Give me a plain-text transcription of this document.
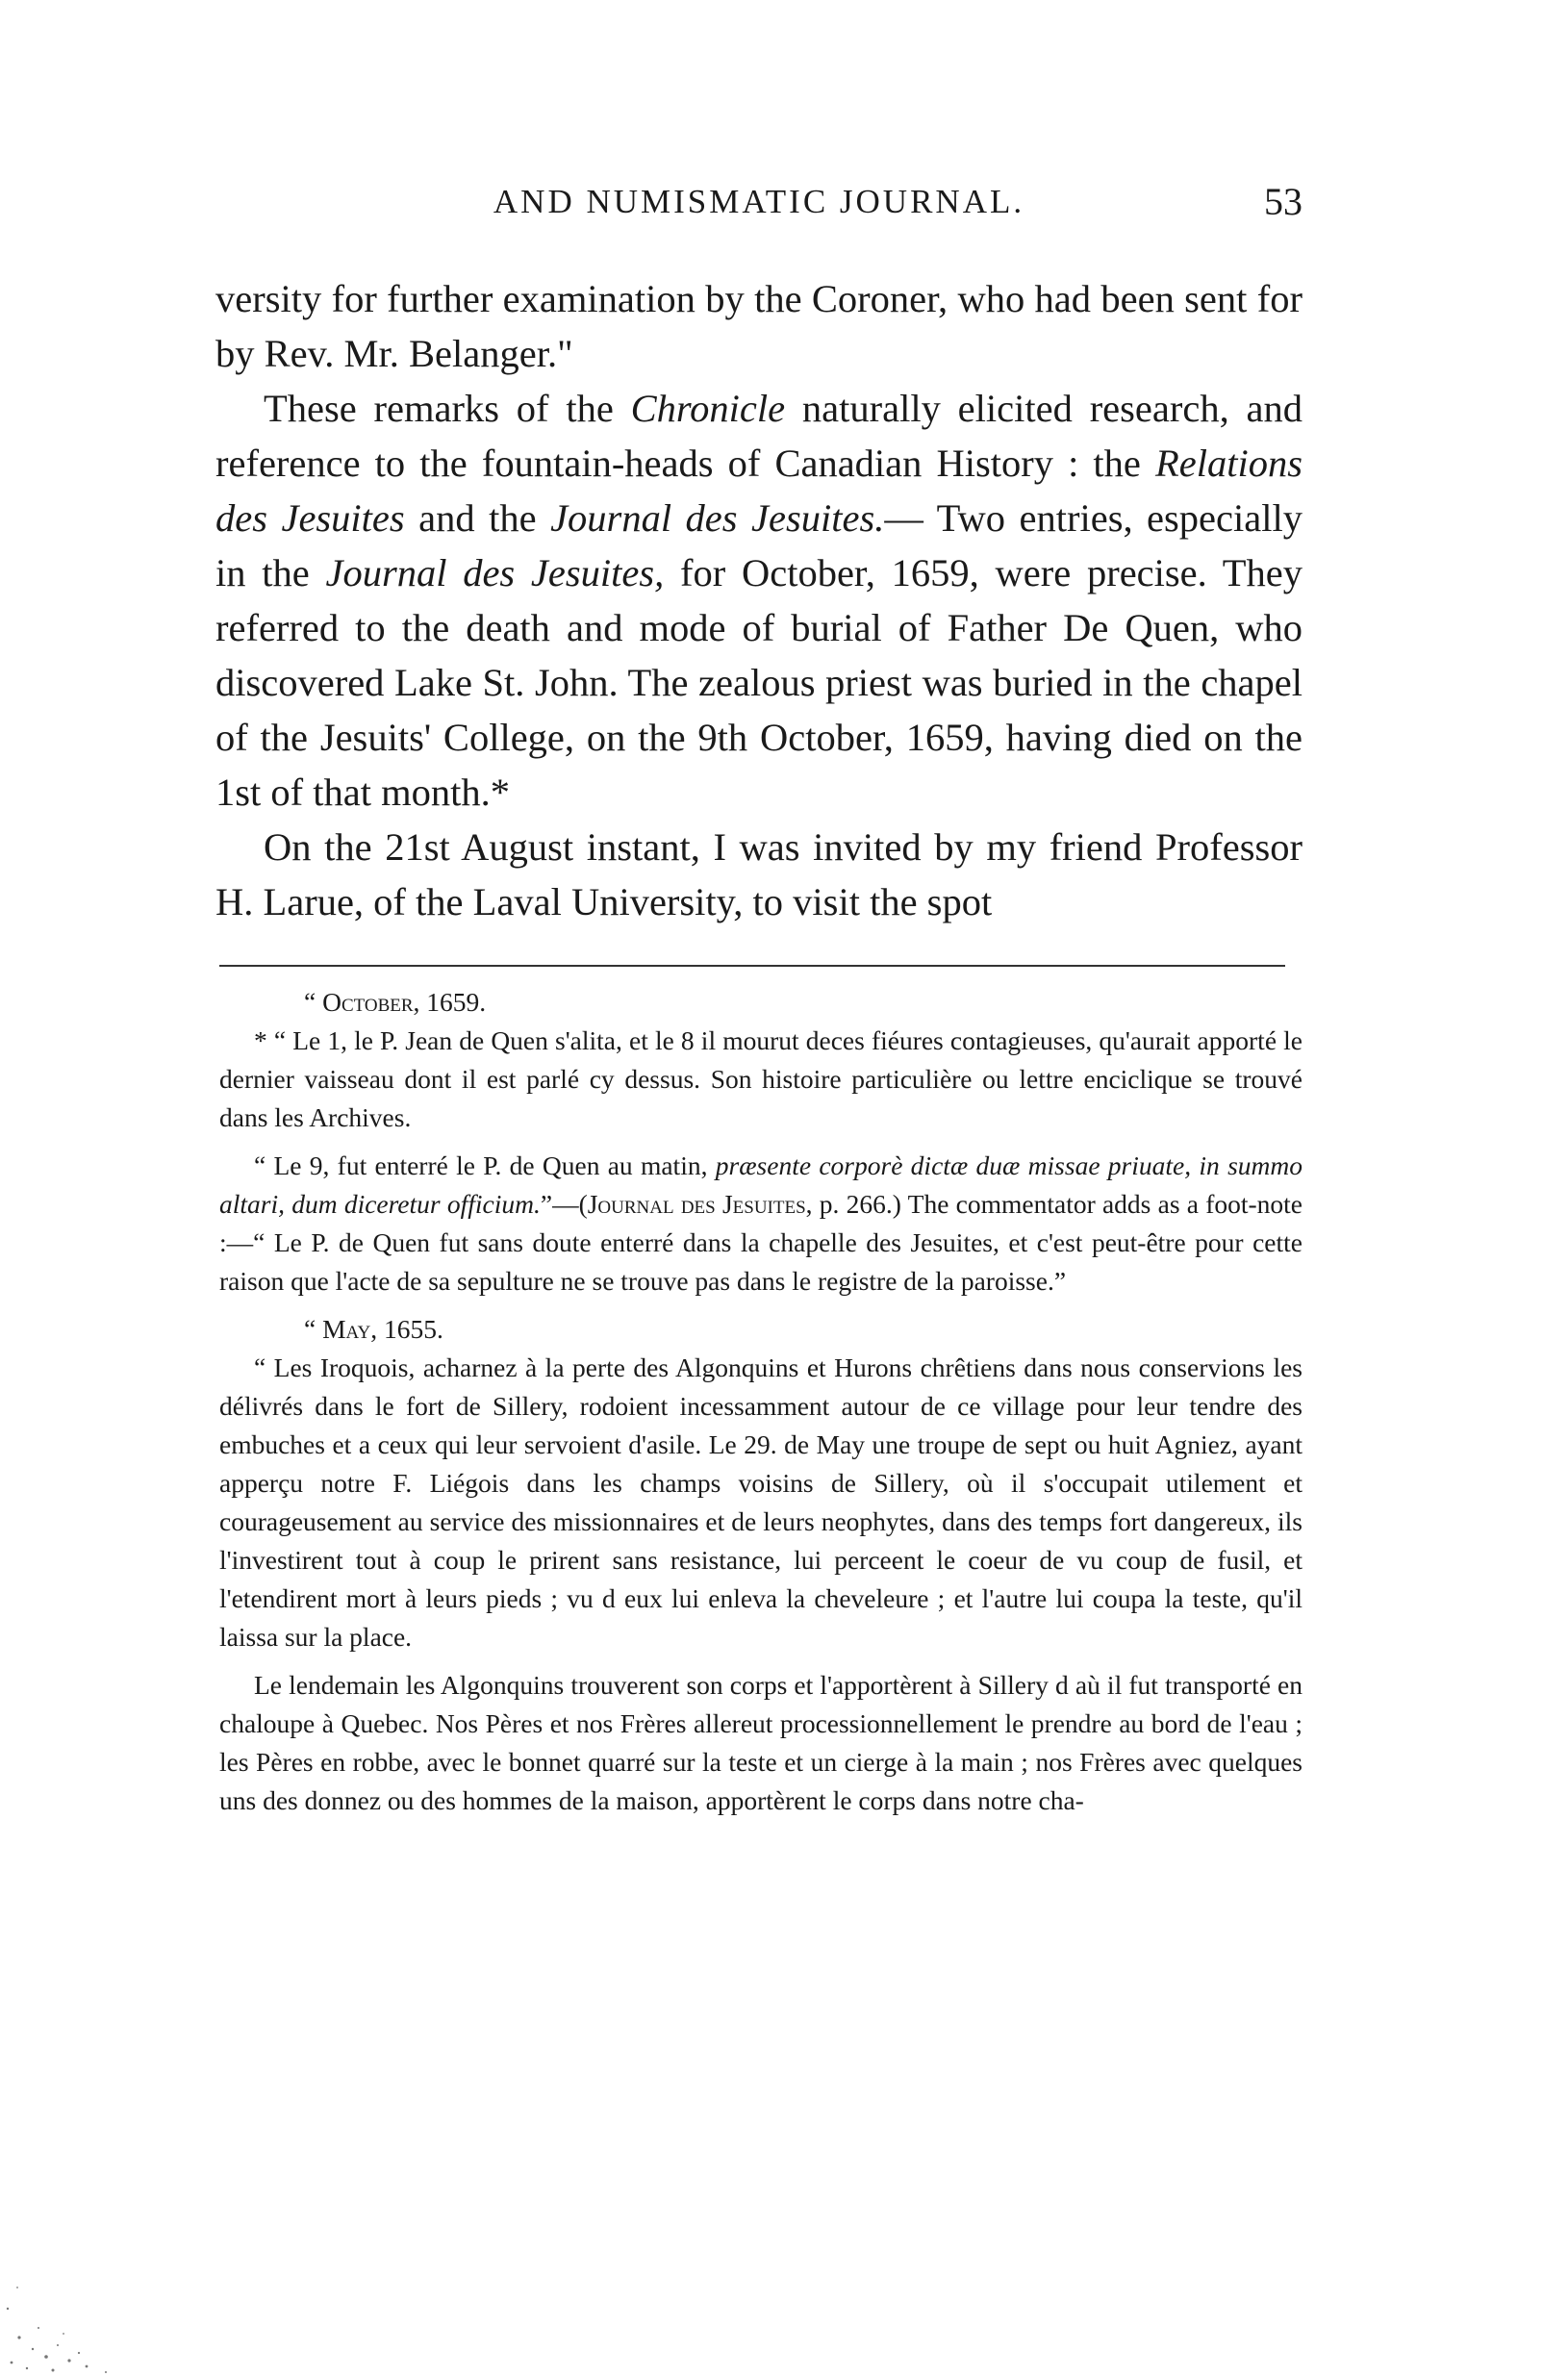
AND NUMISMATIC JOURNAL.	53

versity for further examination by the Coroner, who had been sent for by Rev. Mr. Belanger."

These remarks of the Chronicle naturally elicited research, and reference to the fountain-heads of Canadian History : the Relations des Jesuites and the Journal des Jesuites.— Two entries, especially in the Journal des Jesuites, for October, 1659, were precise. They referred to the death and mode of burial of Father De Quen, who discovered Lake St. John. The zealous priest was buried in the chapel of the Jesuits' College, on the 9th October, 1659, having died on the 1st of that month.*

On the 21st August instant, I was invited by my friend Professor H. Larue, of the Laval University, to visit the spot

“ October, 1659.

* “ Le 1, le P. Jean de Quen s'alita, et le 8 il mourut deces fiéures contagieuses, qu'aurait apporté le dernier vaisseau dont il est parlé cy dessus. Son histoire particulière ou lettre enciclique se trouvé dans les Archives.

“ Le 9, fut enterré le P. de Quen au matin, præsente corporè dictæ duæ missae priuate, in summo altari, dum diceretur officium.”—(Journal des Jesuites, p. 266.) The commentator adds as a foot-note :—“ Le P. de Quen fut sans doute enterré dans la chapelle des Jesuites, et c'est peut-être pour cette raison que l'acte de sa sepulture ne se trouve pas dans le registre de la paroisse.”

“ May, 1655.

“ Les Iroquois, acharnez à la perte des Algonquins et Hurons chrêtiens dans nous conservions les délivrés dans le fort de Sillery, rodoient incessamment autour de ce village pour leur tendre des embuches et a ceux qui leur servoient d'asile. Le 29. de May une troupe de sept ou huit Agniez, ayant apperçu notre F. Liégois dans les champs voisins de Sillery, où il s'occupait utilement et courageusement au service des missionnaires et de leurs neophytes, dans des temps fort dangereux, ils l'investirent tout à coup le prirent sans resistance, lui perceent le coeur de vu coup de fusil, et l'etendirent mort à leurs pieds ; vu d eux lui enleva la cheveleure ; et l'autre lui coupa la teste, qu'il laissa sur la place.

Le lendemain les Algonquins trouverent son corps et l'apportèrent à Sillery d aù il fut transporté en chaloupe à Quebec. Nos Pères et nos Frères allereut processionnellement le prendre au bord de l'eau ; les Pères en robbe, avec le bonnet quarré sur la teste et un cierge à la main ; nos Frères avec quelques uns des donnez ou des hommes de la maison, apportèrent le corps dans notre cha-
